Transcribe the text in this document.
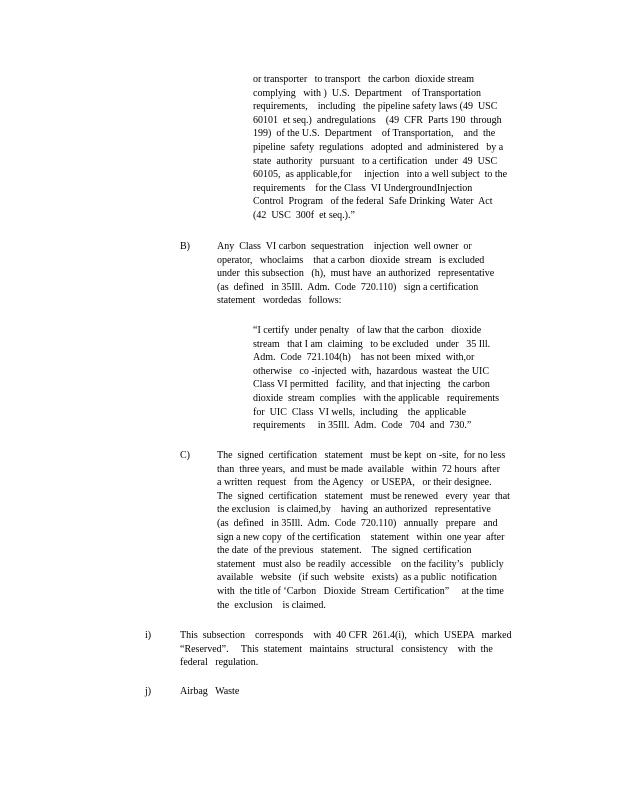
or transporter   to transport   the carbon  dioxide stream
complying   with )  U.S.  Department    of Transportation
requirements,    including   the pipeline safety laws (49  USC
60101  et seq.)  andregulations    (49  CFR  Parts 190  through
199)  of the U.S.  Department    of Transportation,    and  the
pipeline  safety  regulations   adopted  and  administered   by a
state  authority   pursuant   to a certification   under  49  USC
60105,  as applicable,for     injection   into a well subject  to the
requirements    for the Class  VI UndergroundInjection
Control  Program   of the federal  Safe Drinking  Water  Act
(42  USC  300f  et seq.).”
B)	Any  Class  VI carbon  sequestration    injection  well owner  or
operator,   whoclaims    that a carbon  dioxide  stream   is excluded
under  this subsection   (h),  must have  an authorized   representative
(as  defined   in 35Ill.  Adm.  Code  720.110)   sign a certification
statement   wordedas   follows:
“I certify  under penalty   of law that the carbon   dioxide
stream   that I am  claiming   to be excluded   under   35 Ill.
Adm.  Code  721.104(h)    has not been  mixed  with,or
otherwise   co -injected  with,  hazardous  wasteat  the UIC
Class VI permitted   facility,  and that injecting   the carbon
dioxide  stream  complies   with the applicable   requirements
for  UIC  Class  VI wells,  including    the  applicable
requirements     in 35Ill.  Adm.  Code   704  and  730.”
C)	The  signed  certification   statement   must be kept  on -site,  for no less
than  three years,  and must be made  available   within  72 hours  after
a written  request   from  the Agency   or USEPA,   or their designee.
The  signed  certification   statement   must be renewed   every  year  that
the exclusion   is claimed,by    having  an authorized   representative
(as  defined   in 35Ill.  Adm.  Code  720.110)   annually   prepare   and
sign a new copy  of the certification    statement   within  one year  after
the date  of the previous   statement.    The  signed  certification
statement   must also  be readily  accessible    on the facility’s   publicly
available   website   (if such  website   exists)  as a public  notification
with  the title of ‘Carbon   Dioxide  Stream  Certification”     at the time
the  exclusion    is claimed.
i)	This  subsection    corresponds    with  40 CFR  261.4(i),   which  USEPA   marked
“Reserved”.     This  statement   maintains   structural   consistency    with  the
federal   regulation.
j)	Airbag   Waste
